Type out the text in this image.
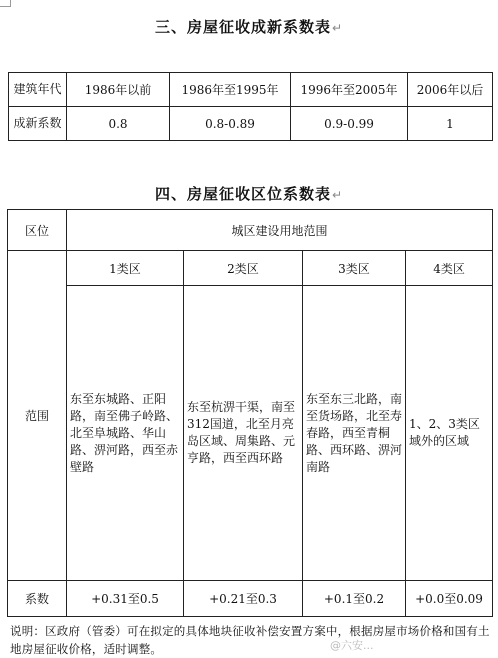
三、房屋征收成新系数表↵
建筑年代	1986年以前	1986年至1995年	1996年至2005年	2006年以后
成新系数	0.8	0.8-0.89	0.9-0.99	1
四、房屋征收区位系数表↵
区位	城区建设用地范围			
范围	1类区	2类区	3类区	4类区
	东至东城路、正阳路，南至佛子岭路、北至阜城路、华山路、淠河路，西至赤壁路	东至杭淠干渠，南至312国道，北至月亮岛区域、周集路、元亨路，西至西环路	东至东三北路，南至货场路，北至寿春路，西至青桐路、西环路、淠河南路	1、2、3类区域外的区域
系数	+0.31至0.5	+0.21至0.3	+0.1至0.2	+0.0至0.09
说明：区政府（管委）可在拟定的具体地块征收补偿安置方案中，根据房屋市场价格和国有土地房屋征收价格，适时调整。	@六安...
